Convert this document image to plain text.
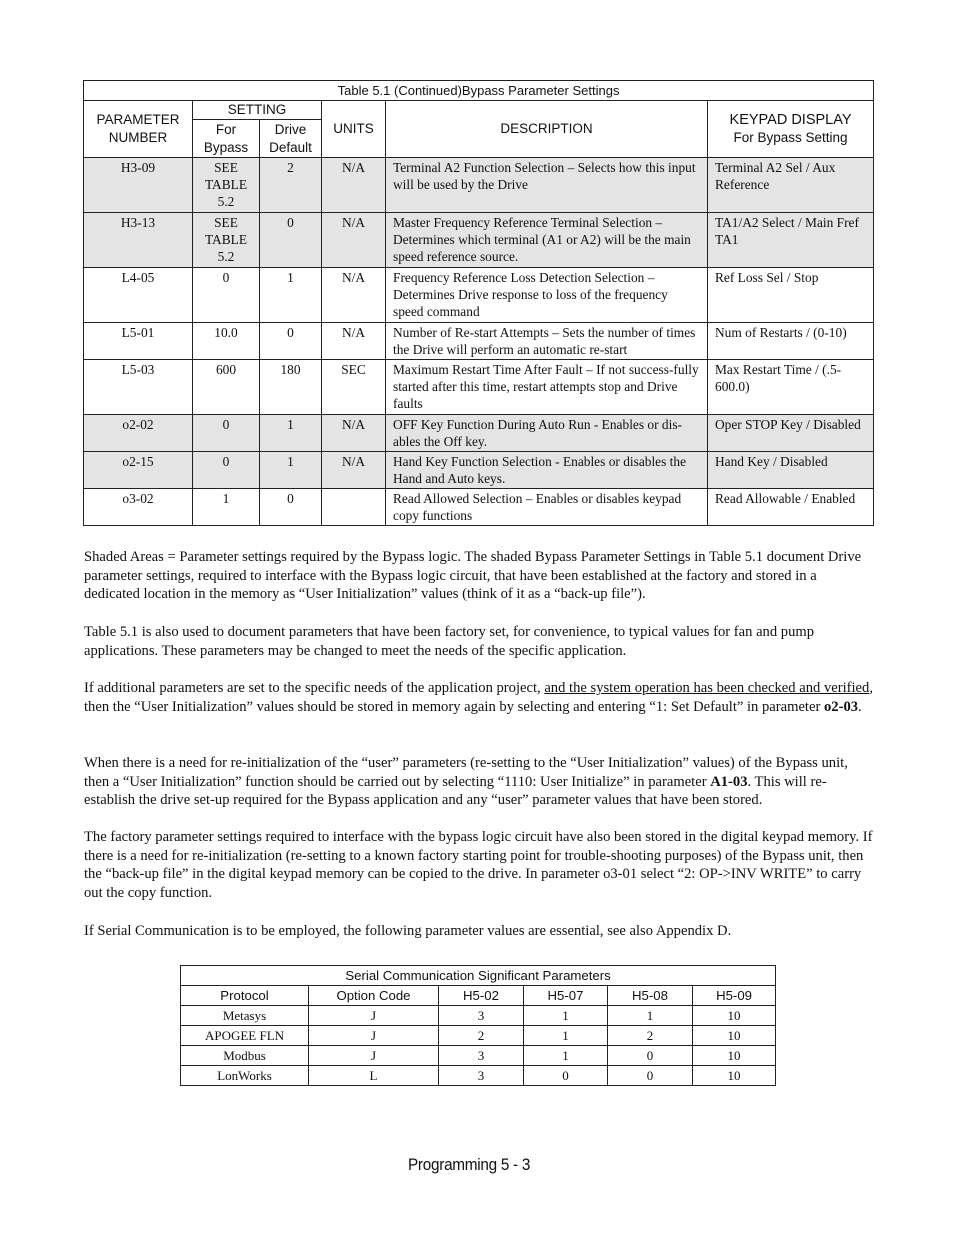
Table 5.1 (Continued)Bypass Parameter Settings					
PARAMETER NUMBER	SETTING		UNITS	DESCRIPTION	KEYPAD DISPLAY
For Bypass Setting

	For Bypass	Drive Default			
H3-09	SEE TABLE 5.2	2	N/A	Terminal A2 Function Selection – Selects how this input will be used by the Drive	Terminal A2 Sel / Aux Reference
H3-13	SEE TABLE 5.2	0	N/A	Master Frequency Reference Terminal Selection – Determines which terminal (A1 or A2) will be the main speed reference source.	TA1/A2 Select / Main Fref TA1
L4-05	0	1	N/A	Frequency Reference Loss Detection Selection – Determines Drive response to loss of the frequency speed command	Ref Loss Sel / Stop
L5-01	10.0	0	N/A	Number of Re-start Attempts – Sets the number of times the Drive will perform an automatic re-start	Num of Restarts / (0-10)
L5-03	600	180	SEC	Maximum Restart Time After Fault – If not success-fully started after this time, restart attempts stop and Drive faults	Max Restart Time / (.5-600.0)
o2-02	0	1	N/A	OFF Key Function During Auto Run - Enables or dis-ables the Off key.	Oper STOP Key / Disabled
o2-15	0	1	N/A	Hand Key Function Selection - Enables or disables the Hand and Auto keys.	Hand Key / Disabled
o3-02	1	0		Read Allowed Selection – Enables or disables keypad copy functions	Read Allowable / Enabled

Shaded Areas = Parameter settings required by the Bypass logic. The shaded Bypass Parameter Settings in Table 5.1 document Drive parameter settings, required to interface with the Bypass logic circuit, that have been established at the factory and stored in a dedicated location in the memory as “User Initialization” values (think of it as a “back-up file”).

Table 5.1 is also used to document parameters that have been factory set, for convenience, to typical values for fan and pump applications. These parameters may be changed to meet the needs of the specific application.

If additional parameters are set to the specific needs of the application project, and the system operation has been checked and verified, then the “User Initialization” values should be stored in memory again by selecting and entering “1: Set Default” in parameter o2-03.

When there is a need for re-initialization of the “user” parameters (re-setting to the “User Initialization” values) of the Bypass unit, then a “User Initialization” function should be carried out by selecting “1110: User Initialize” in parameter A1-03. This will re-establish the drive set-up required for the Bypass application and any “user” parameter values that have been stored.

The factory parameter settings required to interface with the bypass logic circuit have also been stored in the digital keypad memory. If there is a need for re-initialization (re-setting to a known factory starting point for trouble-shooting purposes) of the Bypass unit, then the “back-up file” in the digital keypad memory can be copied to the drive. In parameter o3-01 select “2: OP->INV WRITE” to carry out the copy function.

If Serial Communication is to be employed, the following parameter values are essential, see also Appendix D.

Serial Communication Significant Parameters					
Protocol	Option Code	H5-02	H5-07	H5-08	H5-09
Metasys	J	3	1	1	10
APOGEE FLN	J	2	1	2	10
Modbus	J	3	1	0	10
LonWorks	L	3	0	0	10
Programming 5 - 3
